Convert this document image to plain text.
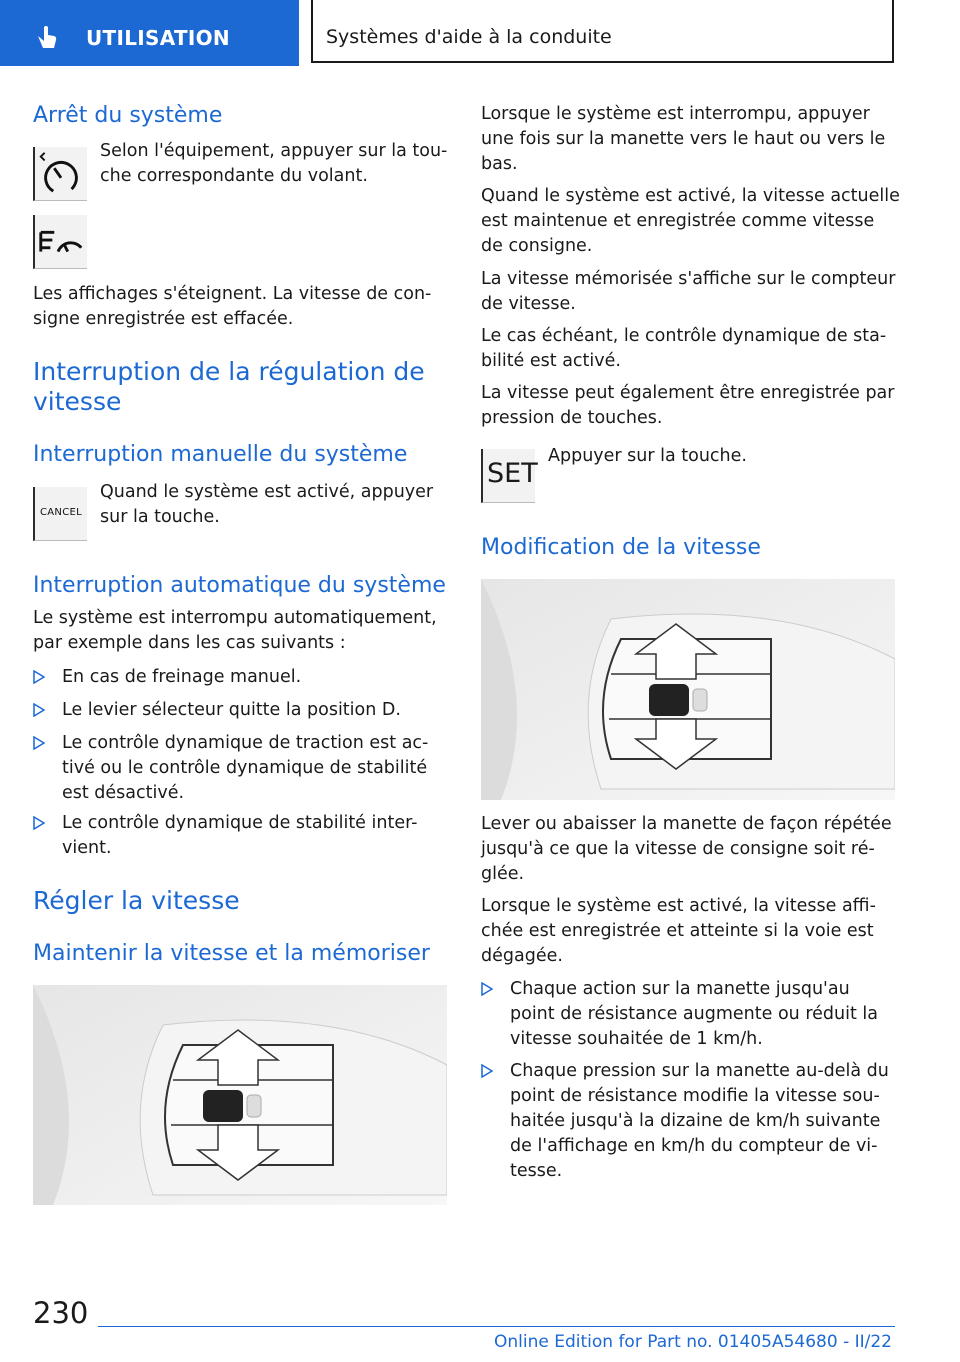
UTILISATION	Systèmes d'aide à la conduite
Arrêt du système
Selon l'équipement, appuyer sur la tou-
che correspondante du volant.
Les affichages s'éteignent. La vitesse de con-
signe enregistrée est effacée.
Interruption de la régulation de
vitesse
Interruption manuelle du système
CANCEL
Quand le système est activé, appuyer
sur la touche.
Interruption automatique du système
Le système est interrompu automatiquement,
par exemple dans les cas suivants :
En cas de freinage manuel.
Le levier sélecteur quitte la position D.
Le contrôle dynamique de traction est ac-
tivé ou le contrôle dynamique de stabilité
est désactivé.
Le contrôle dynamique de stabilité inter-
vient.
Régler la vitesse
Maintenir la vitesse et la mémoriser
Lorsque le système est interrompu, appuyer
une fois sur la manette vers le haut ou vers le
bas.
Quand le système est activé, la vitesse actuelle
est maintenue et enregistrée comme vitesse
de consigne.
La vitesse mémorisée s'affiche sur le compteur
de vitesse.
Le cas échéant, le contrôle dynamique de sta-
bilité est activé.
La vitesse peut également être enregistrée par
pression de touches.
SET
Appuyer sur la touche.
Modification de la vitesse
Lever ou abaisser la manette de façon répétée
jusqu'à ce que la vitesse de consigne soit ré-
glée.
Lorsque le système est activé, la vitesse affi-
chée est enregistrée et atteinte si la voie est
dégagée.
Chaque action sur la manette jusqu'au
point de résistance augmente ou réduit la
vitesse souhaitée de 1 km/h.
Chaque pression sur la manette au-delà du
point de résistance modifie la vitesse sou-
haitée jusqu'à la dizaine de km/h suivante
de l'affichage en km/h du compteur de vi-
tesse.
230
Online Edition for Part no. 01405A54680 - II/22
